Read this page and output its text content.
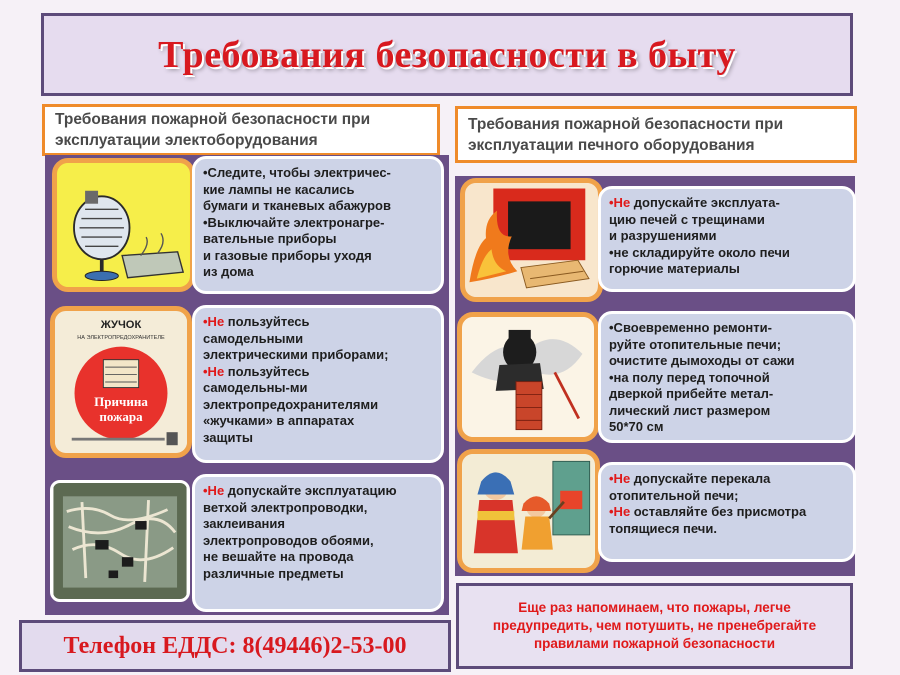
Требования безопасности в быту
Требования пожарной безопасности при эксплуатации электоборудования
Требования пожарной безопасности при эксплуатации печного оборудования

•Следите, чтобы электричес-
кие лампы не касались
бумаги и тканевых абажуров

•Выключайте электронагре-
вательные приборы
и газовые приборы уходя
из дома

ЖУЧОК
НА ЭЛЕКТРОПРЕДОХРАНИТЕЛЕ
Причина
пожара

•Не пользуйтесь
самодельными
электрическими приборами;

•Не пользуйтесь
самодельны-ми
электропредохранителями
«жучками» в аппаратах
защиты

•Не допускайте эксплуатацию
ветхой электропроводки,
заклеивания
электропроводов обоями,
не вешайте на провода
различные предметы

•Не допускайте эксплуата-
цию печей с трещинами
и разрушениями

•не складируйте около печи
горючие материалы

•Своевременно ремонти-
руйте отопительные печи;
очистите дымоходы от сажи

•на полу перед топочной
дверкой прибейте метал-
лический лист размером
50*70 см

•Не допускайте перекала
отопительной печи;

•Не оставляйте без присмотра
топящиеся печи.

Телефон ЕДДС: 8(49446)2-53-00
Еще раз напоминаем, что пожары, легче предупредить, чем потушить, не пренебрегайте правилами пожарной безопасности
